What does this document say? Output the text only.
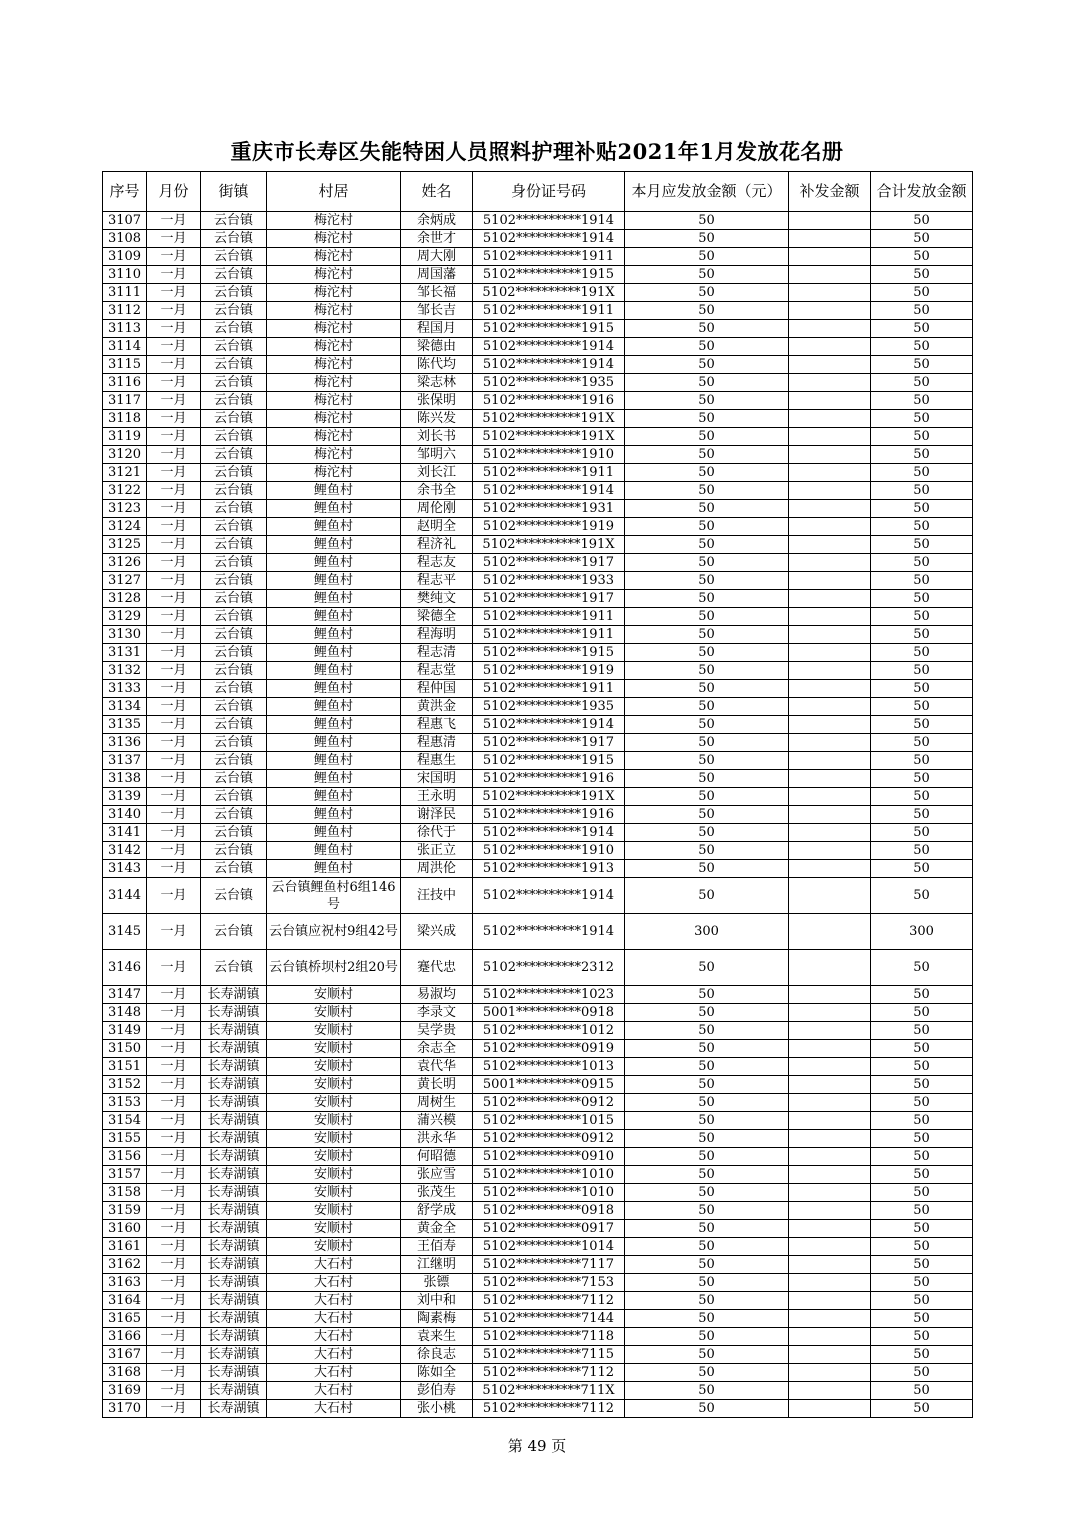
重庆市长寿区失能特困人员照料护理补贴2021年1月发放花名册
序号	月份	街镇	村居	姓名	身份证号码	本月应发放金额（元）	补发金额	合计发放金额
3107	一月	云台镇	梅沱村	余炳成	5102**********1914	50		50
3108	一月	云台镇	梅沱村	余世才	5102**********1914	50		50
3109	一月	云台镇	梅沱村	周大刚	5102**********1911	50		50
3110	一月	云台镇	梅沱村	周国藩	5102**********1915	50		50
3111	一月	云台镇	梅沱村	邹长福	5102**********191X	50		50
3112	一月	云台镇	梅沱村	邹长吉	5102**********1911	50		50
3113	一月	云台镇	梅沱村	程国月	5102**********1915	50		50
3114	一月	云台镇	梅沱村	梁德由	5102**********1914	50		50
3115	一月	云台镇	梅沱村	陈代均	5102**********1914	50		50
3116	一月	云台镇	梅沱村	梁志林	5102**********1935	50		50
3117	一月	云台镇	梅沱村	张保明	5102**********1916	50		50
3118	一月	云台镇	梅沱村	陈兴发	5102**********191X	50		50
3119	一月	云台镇	梅沱村	刘长书	5102**********191X	50		50
3120	一月	云台镇	梅沱村	邹明六	5102**********1910	50		50
3121	一月	云台镇	梅沱村	刘长江	5102**********1911	50		50
3122	一月	云台镇	鲤鱼村	余书全	5102**********1914	50		50
3123	一月	云台镇	鲤鱼村	周伦刚	5102**********1931	50		50
3124	一月	云台镇	鲤鱼村	赵明全	5102**********1919	50		50
3125	一月	云台镇	鲤鱼村	程济礼	5102**********191X	50		50
3126	一月	云台镇	鲤鱼村	程志友	5102**********1917	50		50
3127	一月	云台镇	鲤鱼村	程志平	5102**********1933	50		50
3128	一月	云台镇	鲤鱼村	樊纯文	5102**********1917	50		50
3129	一月	云台镇	鲤鱼村	梁德全	5102**********1911	50		50
3130	一月	云台镇	鲤鱼村	程海明	5102**********1911	50		50
3131	一月	云台镇	鲤鱼村	程志清	5102**********1915	50		50
3132	一月	云台镇	鲤鱼村	程志堂	5102**********1919	50		50
3133	一月	云台镇	鲤鱼村	程仲国	5102**********1911	50		50
3134	一月	云台镇	鲤鱼村	黄洪金	5102**********1935	50		50
3135	一月	云台镇	鲤鱼村	程惠飞	5102**********1914	50		50
3136	一月	云台镇	鲤鱼村	程惠清	5102**********1917	50		50
3137	一月	云台镇	鲤鱼村	程惠生	5102**********1915	50		50
3138	一月	云台镇	鲤鱼村	宋国明	5102**********1916	50		50
3139	一月	云台镇	鲤鱼村	王永明	5102**********191X	50		50
3140	一月	云台镇	鲤鱼村	谢泽民	5102**********1916	50		50
3141	一月	云台镇	鲤鱼村	徐代于	5102**********1914	50		50
3142	一月	云台镇	鲤鱼村	张正立	5102**********1910	50		50
3143	一月	云台镇	鲤鱼村	周洪伦	5102**********1913	50		50
3144	一月	云台镇	云台镇鲤鱼村6组146号	汪技中	5102**********1914	50		50
3145	一月	云台镇	云台镇应祝村9组42号	梁兴成	5102**********1914	300		300
3146	一月	云台镇	云台镇桥坝村2组20号	蹇代忠	5102**********2312	50		50
3147	一月	长寿湖镇	安顺村	易淑均	5102**********1023	50		50
3148	一月	长寿湖镇	安顺村	李录文	5001**********0918	50		50
3149	一月	长寿湖镇	安顺村	吴学贵	5102**********1012	50		50
3150	一月	长寿湖镇	安顺村	余志全	5102**********0919	50		50
3151	一月	长寿湖镇	安顺村	袁代华	5102**********1013	50		50
3152	一月	长寿湖镇	安顺村	黄长明	5001**********0915	50		50
3153	一月	长寿湖镇	安顺村	周树生	5102**********0912	50		50
3154	一月	长寿湖镇	安顺村	蒲兴模	5102**********1015	50		50
3155	一月	长寿湖镇	安顺村	洪永华	5102**********0912	50		50
3156	一月	长寿湖镇	安顺村	何昭德	5102**********0910	50		50
3157	一月	长寿湖镇	安顺村	张应雪	5102**********1010	50		50
3158	一月	长寿湖镇	安顺村	张茂生	5102**********1010	50		50
3159	一月	长寿湖镇	安顺村	舒学成	5102**********0918	50		50
3160	一月	长寿湖镇	安顺村	黄金全	5102**********0917	50		50
3161	一月	长寿湖镇	安顺村	王佰寿	5102**********1014	50		50
3162	一月	长寿湖镇	大石村	江继明	5102**********7117	50		50
3163	一月	长寿湖镇	大石村	张镖	5102**********7153	50		50
3164	一月	长寿湖镇	大石村	刘中和	5102**********7112	50		50
3165	一月	长寿湖镇	大石村	陶素梅	5102**********7144	50		50
3166	一月	长寿湖镇	大石村	袁来生	5102**********7118	50		50
3167	一月	长寿湖镇	大石村	徐良志	5102**********7115	50		50
3168	一月	长寿湖镇	大石村	陈如全	5102**********7112	50		50
3169	一月	长寿湖镇	大石村	彭伯寿	5102**********711X	50		50
3170	一月	长寿湖镇	大石村	张小桃	5102**********7112	50		50
第 49 页
